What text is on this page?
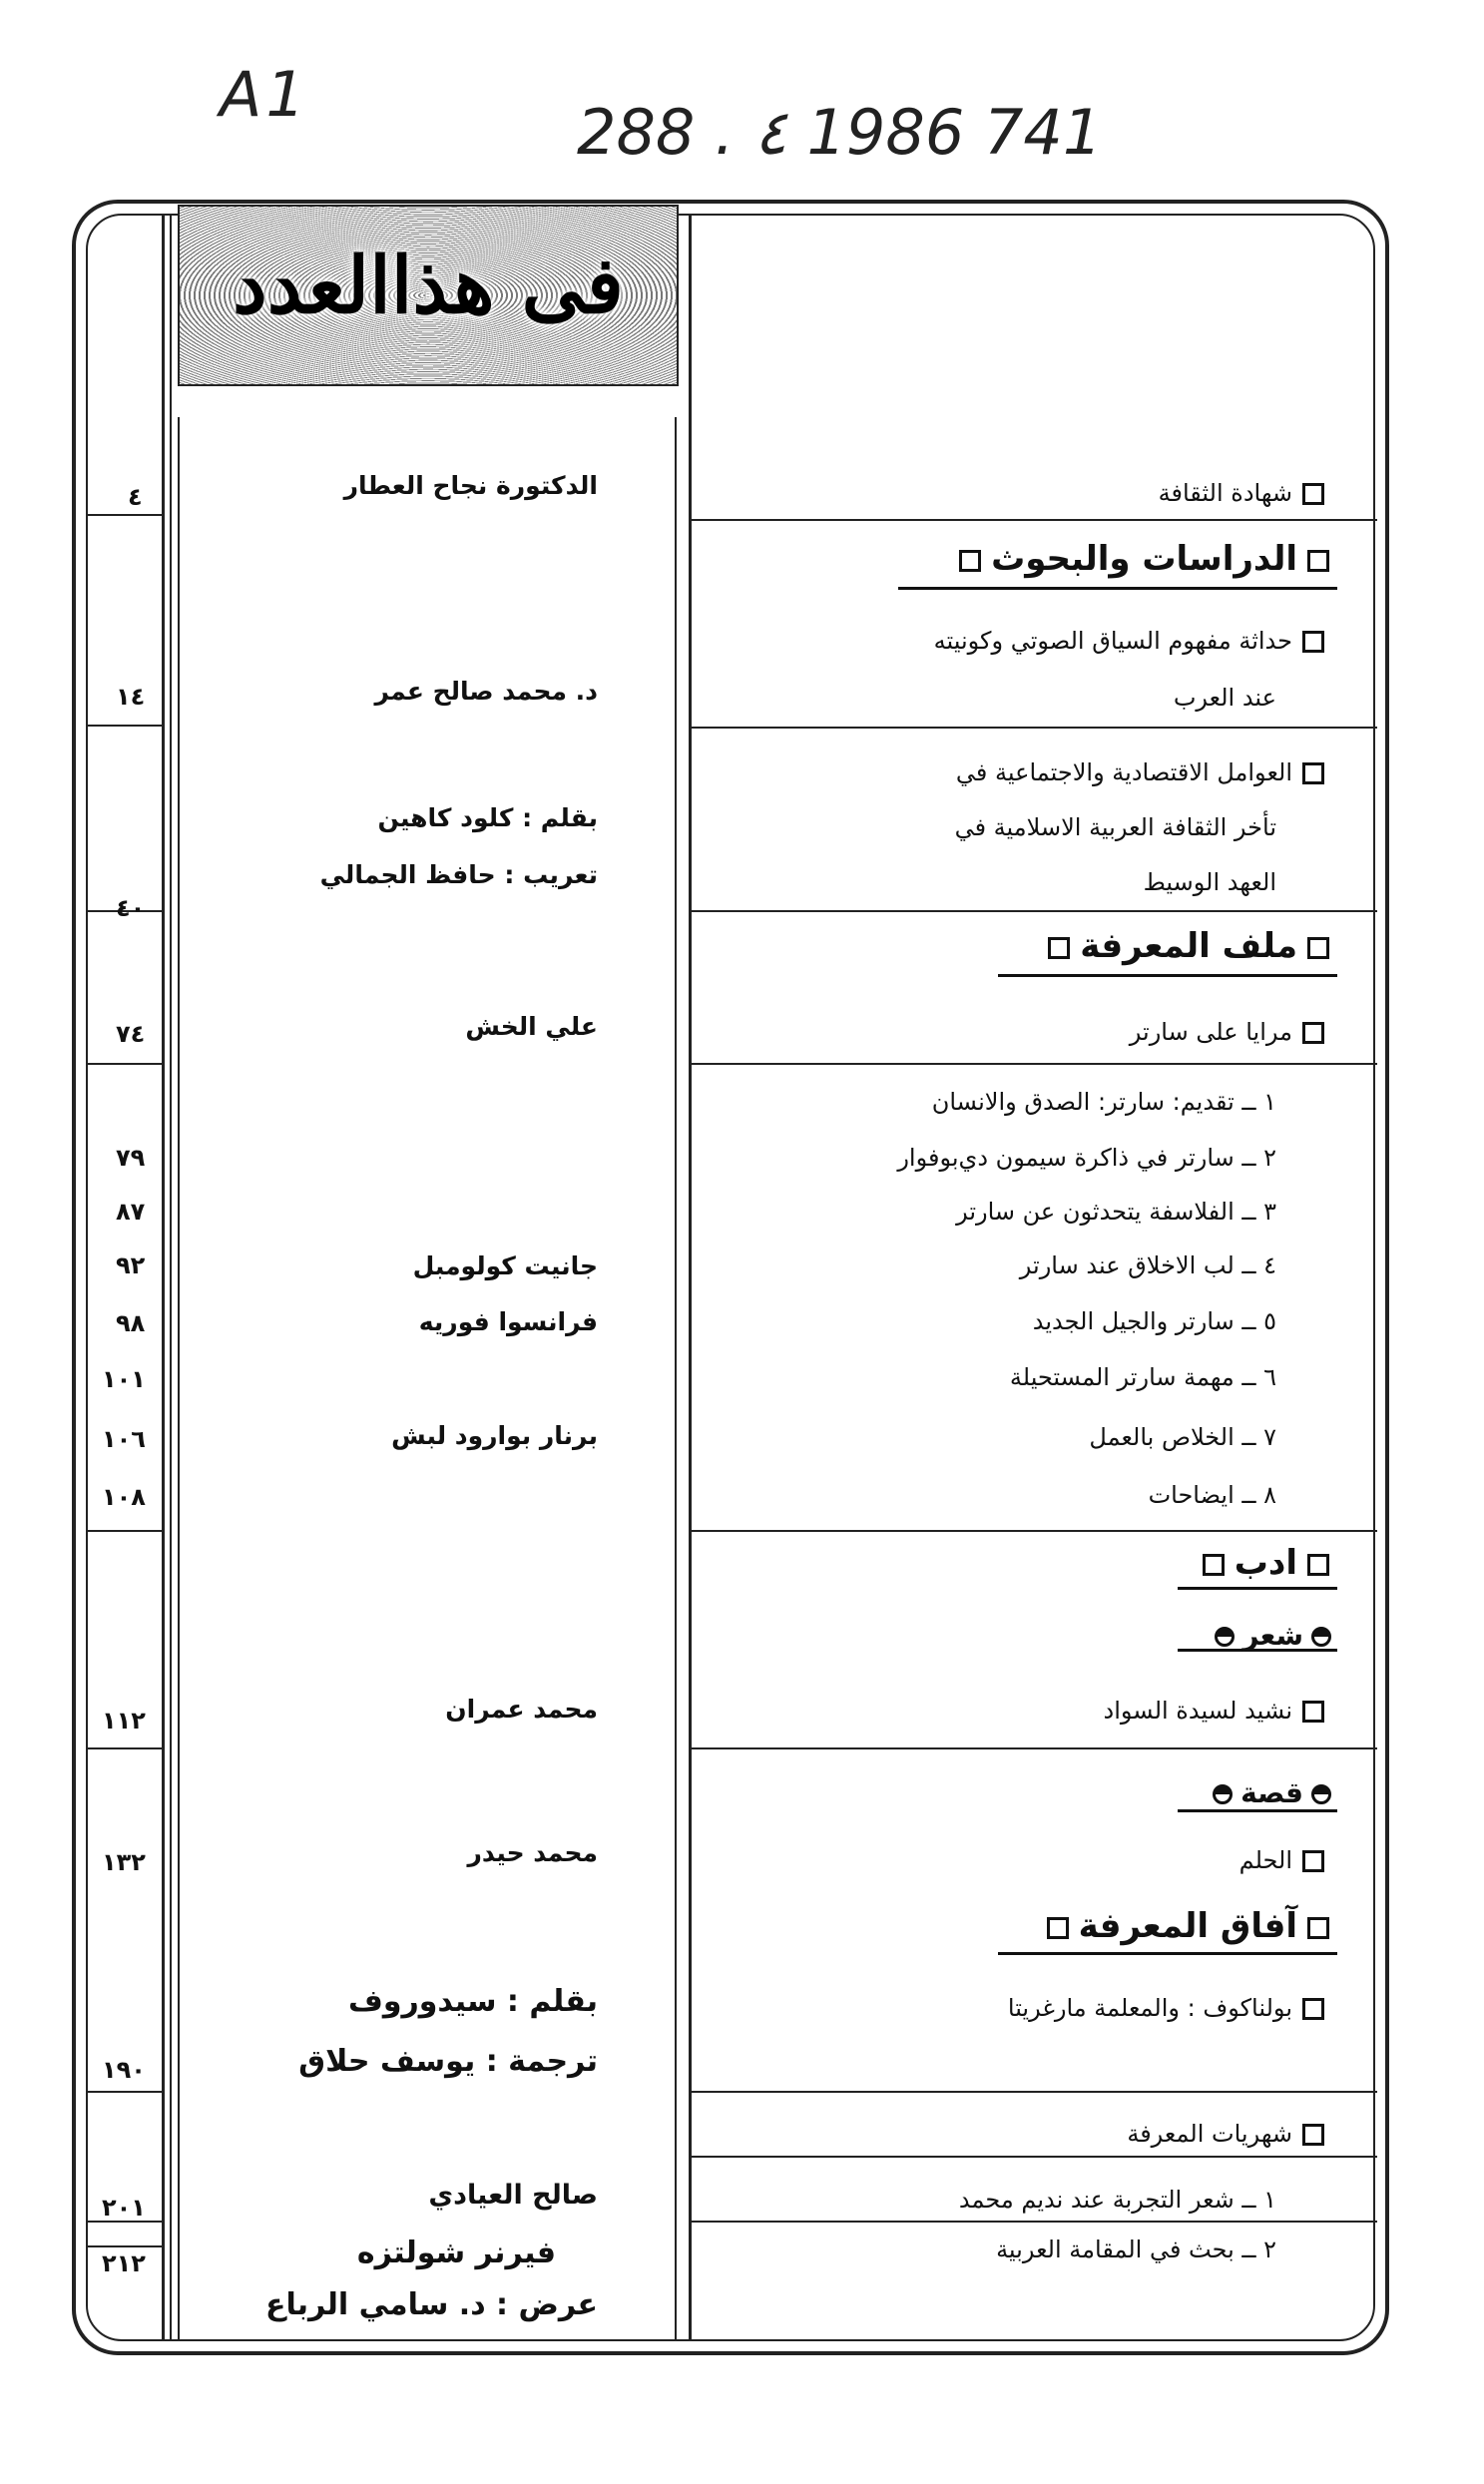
A1
288 . ٤ 1986 741
فى هذاالعدد
شهادة الثقافة
الدراسات والبحوث
حداثة مفهوم السياق الصوتي وكونيته
عند العرب
العوامل الاقتصادية والاجتماعية في
تأخر الثقافة العربية الاسلامية في
العهد الوسيط
ملف المعرفة
مرايا على سارتر
١ ــ تقديم: سارتر: الصدق والانسان
٢ ــ سارتر في ذاكرة سيمون دي‌بوفوار
٣ ــ الفلاسفة يتحدثون عن سارتر
٤ ــ لب الاخلاق عند سارتر
٥ ــ سارتر والجيل الجديد
٦ ــ مهمة سارتر المستحيلة
٧ ــ الخلاص بالعمل
٨ ــ ايضاحات
ادب
شعر
نشيد لسيدة السواد
قصة
الحلم
آفاق المعرفة
بولناكوف : والمعلمة مارغريتا
شهريات المعرفة
١ ــ شعر التجربة عند نديم محمد
٢ ــ بحث في المقامة العربية
الدكتورة نجاح العطار
د. محمد صالح عمر
بقلم : كلود كاهين
تعريب : حافظ الجمالي
علي الخش
جانيت كولومبل
فرانسوا فوريه
برنار بوارود لبش
محمد عمران
محمد حيدر
بقلم : سيدوروف
ترجمة : يوسف حلاق
صالح العيادي
فيرنر شولتزه
عرض : د. سامي الرباع
٤
١٤
٤٠
٧٤
٧٩
٨٧
٩٢
٩٨
١٠١
١٠٦
١٠٨
١١٢
١٣٢
١٩٠
٢٠١
٢١٢
